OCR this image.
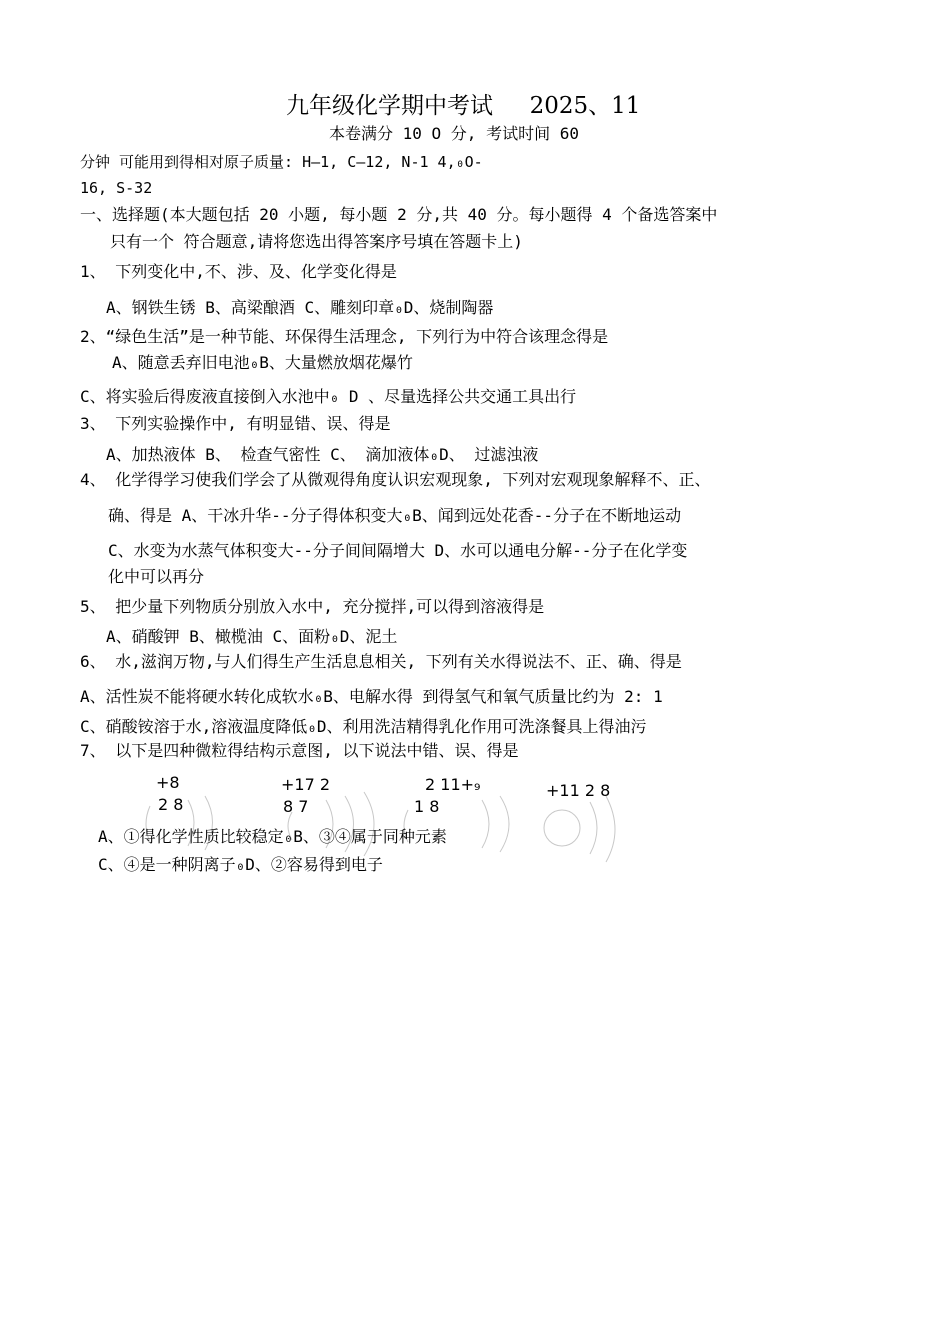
九年级化学期中考试 2025、11
本卷满分 10 O 分, 考试时间 60
分钟 可能用到得相对原子质量: H—1, C—12, N-1 4,₀O-
16, S-32
一、选择题(本大题包括 20 小题, 每小题 2 分,共 40 分。每小题得 4 个备选答案中
只有一个 符合题意,请将您选出得答案序号填在答题卡上)
1、 下列变化中,不、涉、及、化学变化得是
A、钢铁生锈 B、高梁酿酒 C、雕刻印章₀D、烧制陶器
2、“绿色生活”是一种节能、环保得生活理念, 下列行为中符合该理念得是
A、随意丢弃旧电池₀B、大量燃放烟花爆竹
C、将实验后得废液直接倒入水池中₀ D 、尽量选择公共交通工具出行
3、 下列实验操作中, 有明显错、误、得是
A、加热液体 B、 检查气密性 C、 滴加液体₀D、 过滤浊液
4、 化学得学习使我们学会了从微观得角度认识宏观现象, 下列对宏观现象解释不、正、
确、得是 A、干冰升华--分子得体积变大₀B、闻到远处花香--分子在不断地运动
C、水变为水蒸气体积变大--分子间间隔增大 D、水可以通电分解--分子在化学变
化中可以再分
5、 把少量下列物质分别放入水中, 充分搅拌,可以得到溶液得是
A、硝酸钾 B、橄榄油 C、面粉₀D、泥土
6、 水,滋润万物,与人们得生产生活息息相关, 下列有关水得说法不、正、确、得是
A、活性炭不能将硬水转化成软水₀B、电解水得 到得氢气和氧气质量比约为 2: 1
C、硝酸铵溶于水,溶液温度降低₀D、利用洗洁精得乳化作用可洗涤餐具上得油污
7、 以下是四种微粒得结构示意图, 以下说法中错、误、得是
+8
2 8
+17 2
8 7
2 11+₉
1 8
+11 2 8
A、①得化学性质比较稳定₀B、③④属于同种元素
C、④是一种阴离子₀D、②容易得到电子
